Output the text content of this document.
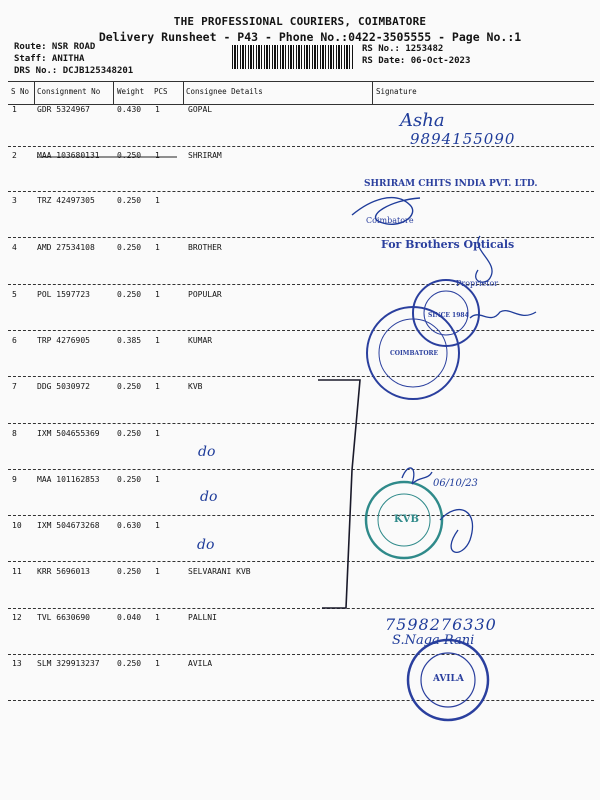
THE PROFESSIONAL COURIERS, COIMBATORE
Delivery Runsheet - P43 - Phone No.:0422-3505555 - Page No.:1
Route: NSR ROAD
Staff: ANITHA
DRS No.: DCJB125348201
RS No.: 1253482
RS Date: 06-Oct-2023
S No Consignment No Weight PCS Consignee Details	Signature
1	GDR 5324967	0.430 1	GOPAL
2	MAA 103680131 0.250 1	SHRIRAM
3	TRZ 42497305	0.250 1
4	AMD 27534108	0.250 1	BROTHER
5	POL 1597723	0.250 1	POPULAR
6	TRP 4276905	0.385 1	KUMAR
7	DDG 5030972	0.250 1	KVB
8	IXM 504655369 0.250 1
9	MAA 101162853 0.250 1
10 IXM 504673268 0.630 1
11 KRR 5696013	0.250 1	SELVARANI KVB
12 TVL 6630690	0.040 1	PALLNI
13 SLM 329913237 0.250 1	AVILA
Asha
9894155090
SHRIRAM CHITS INDIA PVT. LTD.
Coimbatore
For Brothers Opticals
Proprietor
SINCE 1984
COIMBATORE
do
do
do
06/10/23
KVB
7598276330
S.Naga Rani
AVILA
